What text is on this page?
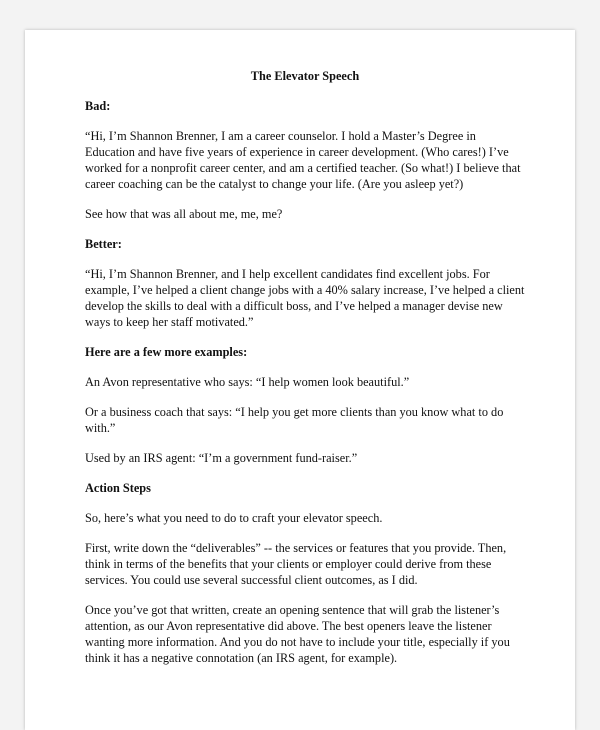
The Elevator Speech
Bad:

“Hi, I’m Shannon Brenner, I am a career counselor. I hold a Master’s Degree in Education and have five years of experience in career development. (Who cares!) I’ve worked for a nonprofit career center, and am a certified teacher. (So what!) I believe that career coaching can be the catalyst to change your life. (Are you asleep yet?)

See how that was all about me, me, me?

Better:

“Hi, I’m Shannon Brenner, and I help excellent candidates find excellent jobs. For example, I’ve helped a client change jobs with a 40% salary increase, I’ve helped a client develop the skills to deal with a difficult boss, and I’ve helped a manager devise new ways to keep her staff motivated.”

Here are a few more examples:

An Avon representative who says: “I help women look beautiful.”

Or a business coach that says: “I help you get more clients than you know what to do with.”

Used by an IRS agent: “I’m a government fund-raiser.”

Action Steps

So, here’s what you need to do to craft your elevator speech.

First, write down the “deliverables” -- the services or features that you provide. Then, think in terms of the benefits that your clients or employer could derive from these services. You could use several successful client outcomes, as I did.

Once you’ve got that written, create an opening sentence that will grab the listener’s attention, as our Avon representative did above. The best openers leave the listener wanting more information. And you do not have to include your title, especially if you think it has a negative connotation (an IRS agent, for example).
